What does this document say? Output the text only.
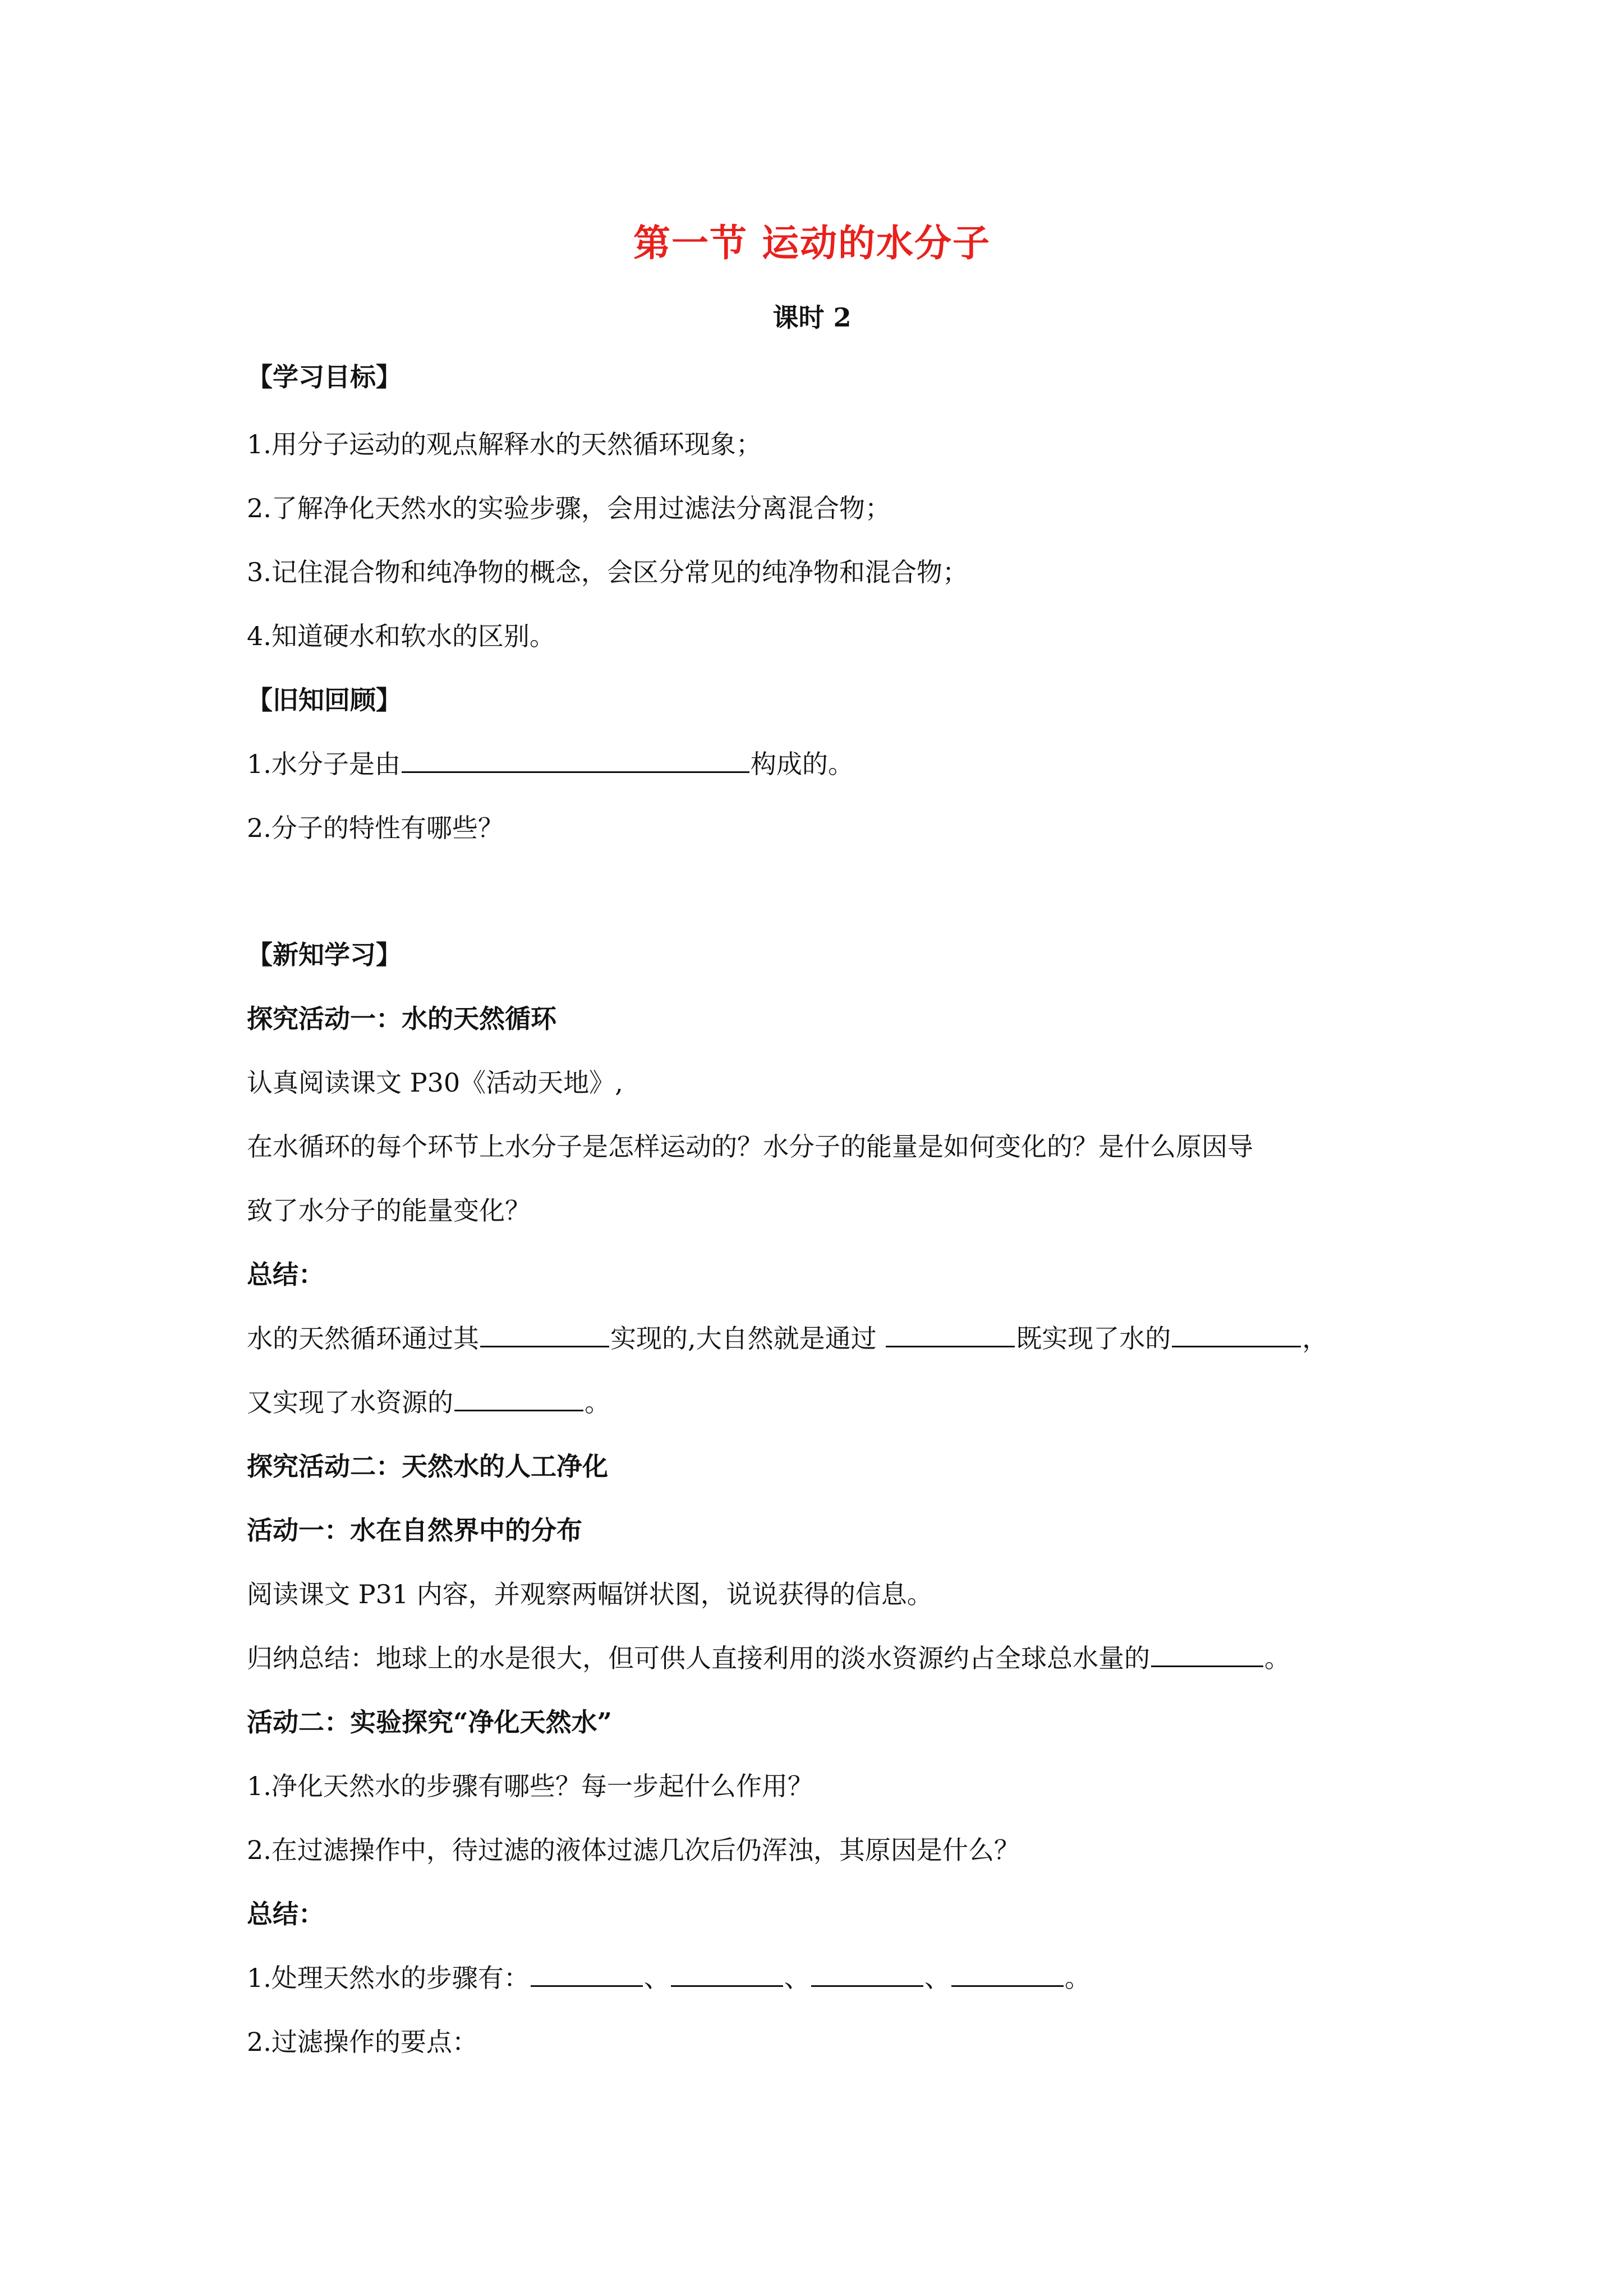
第一节 运动的水分子
课时 2
【学习目标】
1.用分子运动的观点解释水的天然循环现象；
2.了解净化天然水的实验步骤，会用过滤法分离混合物；
3.记住混合物和纯净物的概念，会区分常见的纯净物和混合物；
4.知道硬水和软水的区别。
【旧知回顾】
1.水分子是由	构成的。
2.分子的特性有哪些？
【新知学习】
探究活动一：水的天然循环
认真阅读课文 P30《活动天地》,
在水循环的每个环节上水分子是怎样运动的？水分子的能量是如何变化的？是什么原因导
致了水分子的能量变化？
总结：
水的天然循环通过其	实现的,大自然就是通过	既实现了水的	，
又实现了水资源的	。
探究活动二：天然水的人工净化
活动一：水在自然界中的分布
阅读课文 P31 内容，并观察两幅饼状图，说说获得的信息。
归纳总结：地球上的水是很大，但可供人直接利用的淡水资源约占全球总水量的	。
活动二：实验探究“净化天然水”
1.净化天然水的步骤有哪些？每一步起什么作用？
2.在过滤操作中，待过滤的液体过滤几次后仍浑浊，其原因是什么？
总结：
1.处理天然水的步骤有：	、	、	、	。
2.过滤操作的要点：
